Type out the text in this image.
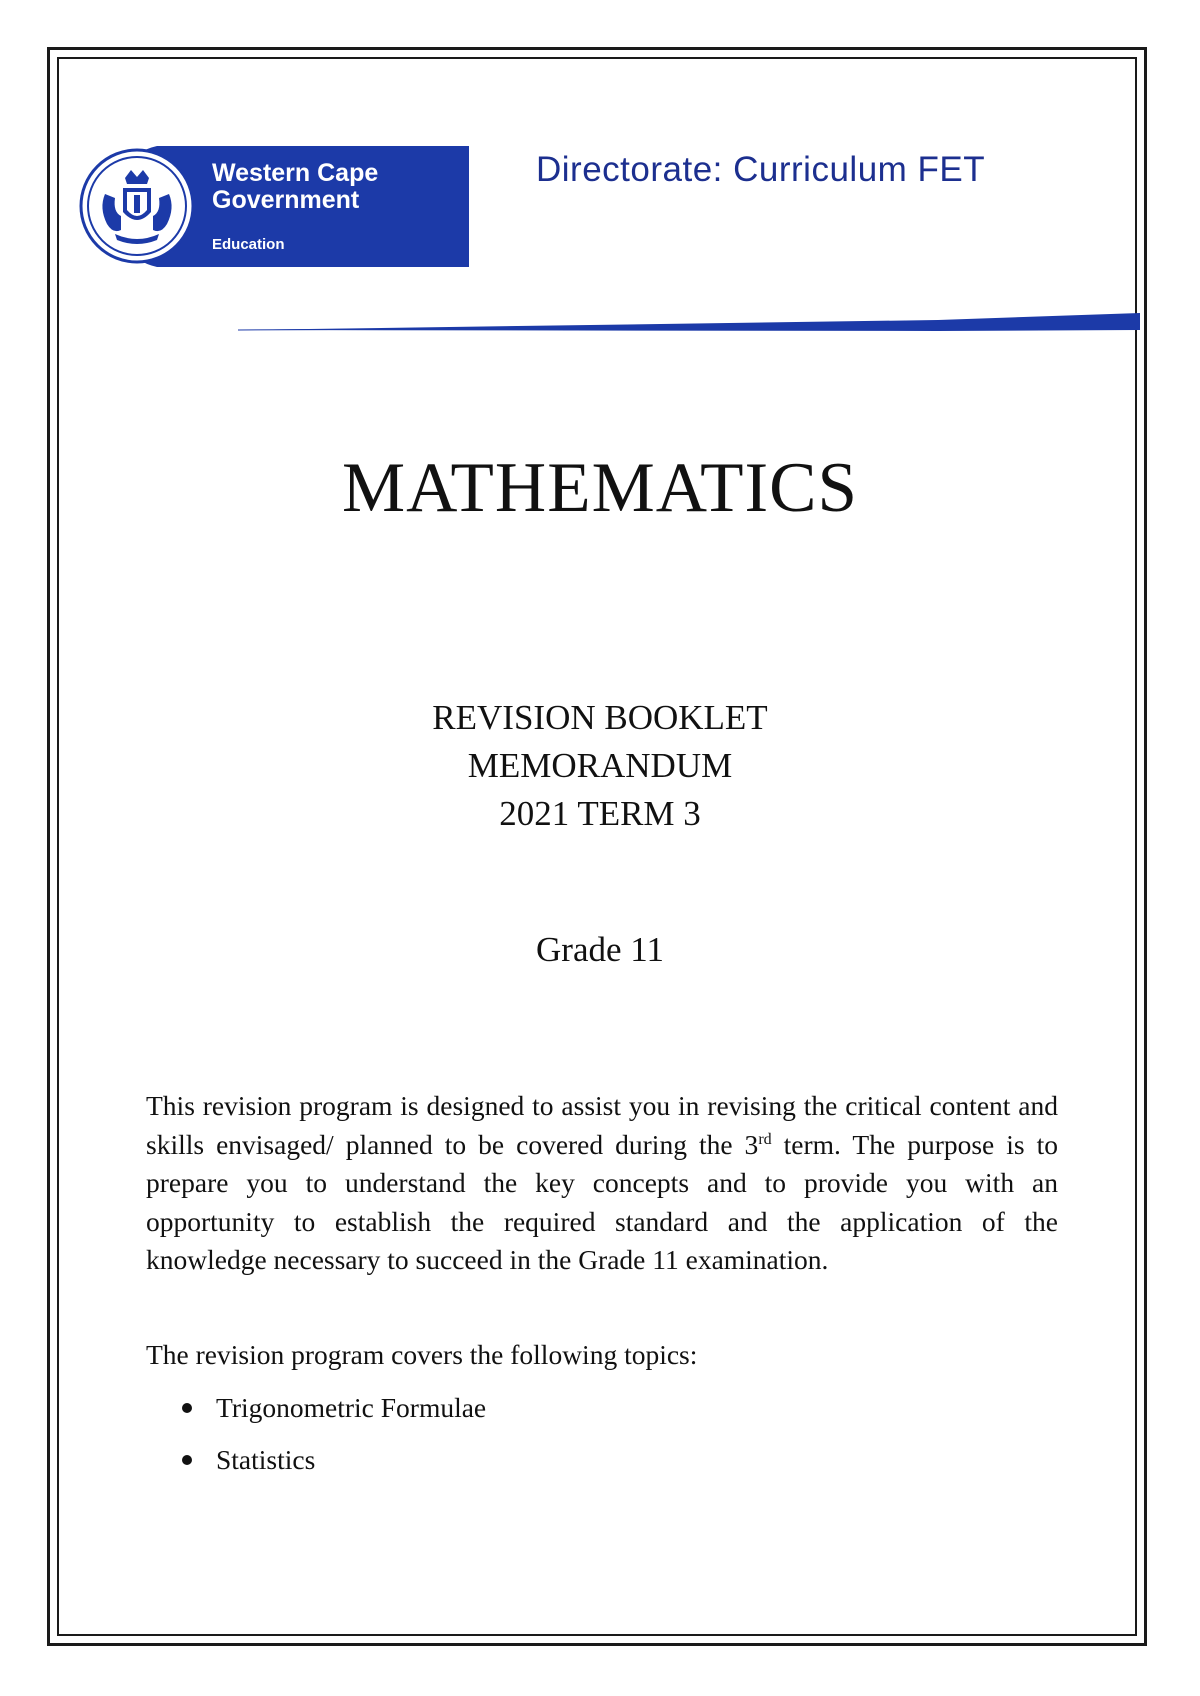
Western Cape
Government
Education
Directorate: Curriculum FET
MATHEMATICS
REVISION BOOKLET
MEMORANDUM
2021 TERM 3
Grade 11
This revision program is designed to assist you in revising the critical content and skills envisaged/ planned to be covered during the 3rd term. The purpose is to prepare you to understand the key concepts and to provide you with an opportunity to establish the required standard and the application of the knowledge necessary to succeed in the Grade 11 examination.
The revision program covers the following topics:
Trigonometric Formulae
Statistics
